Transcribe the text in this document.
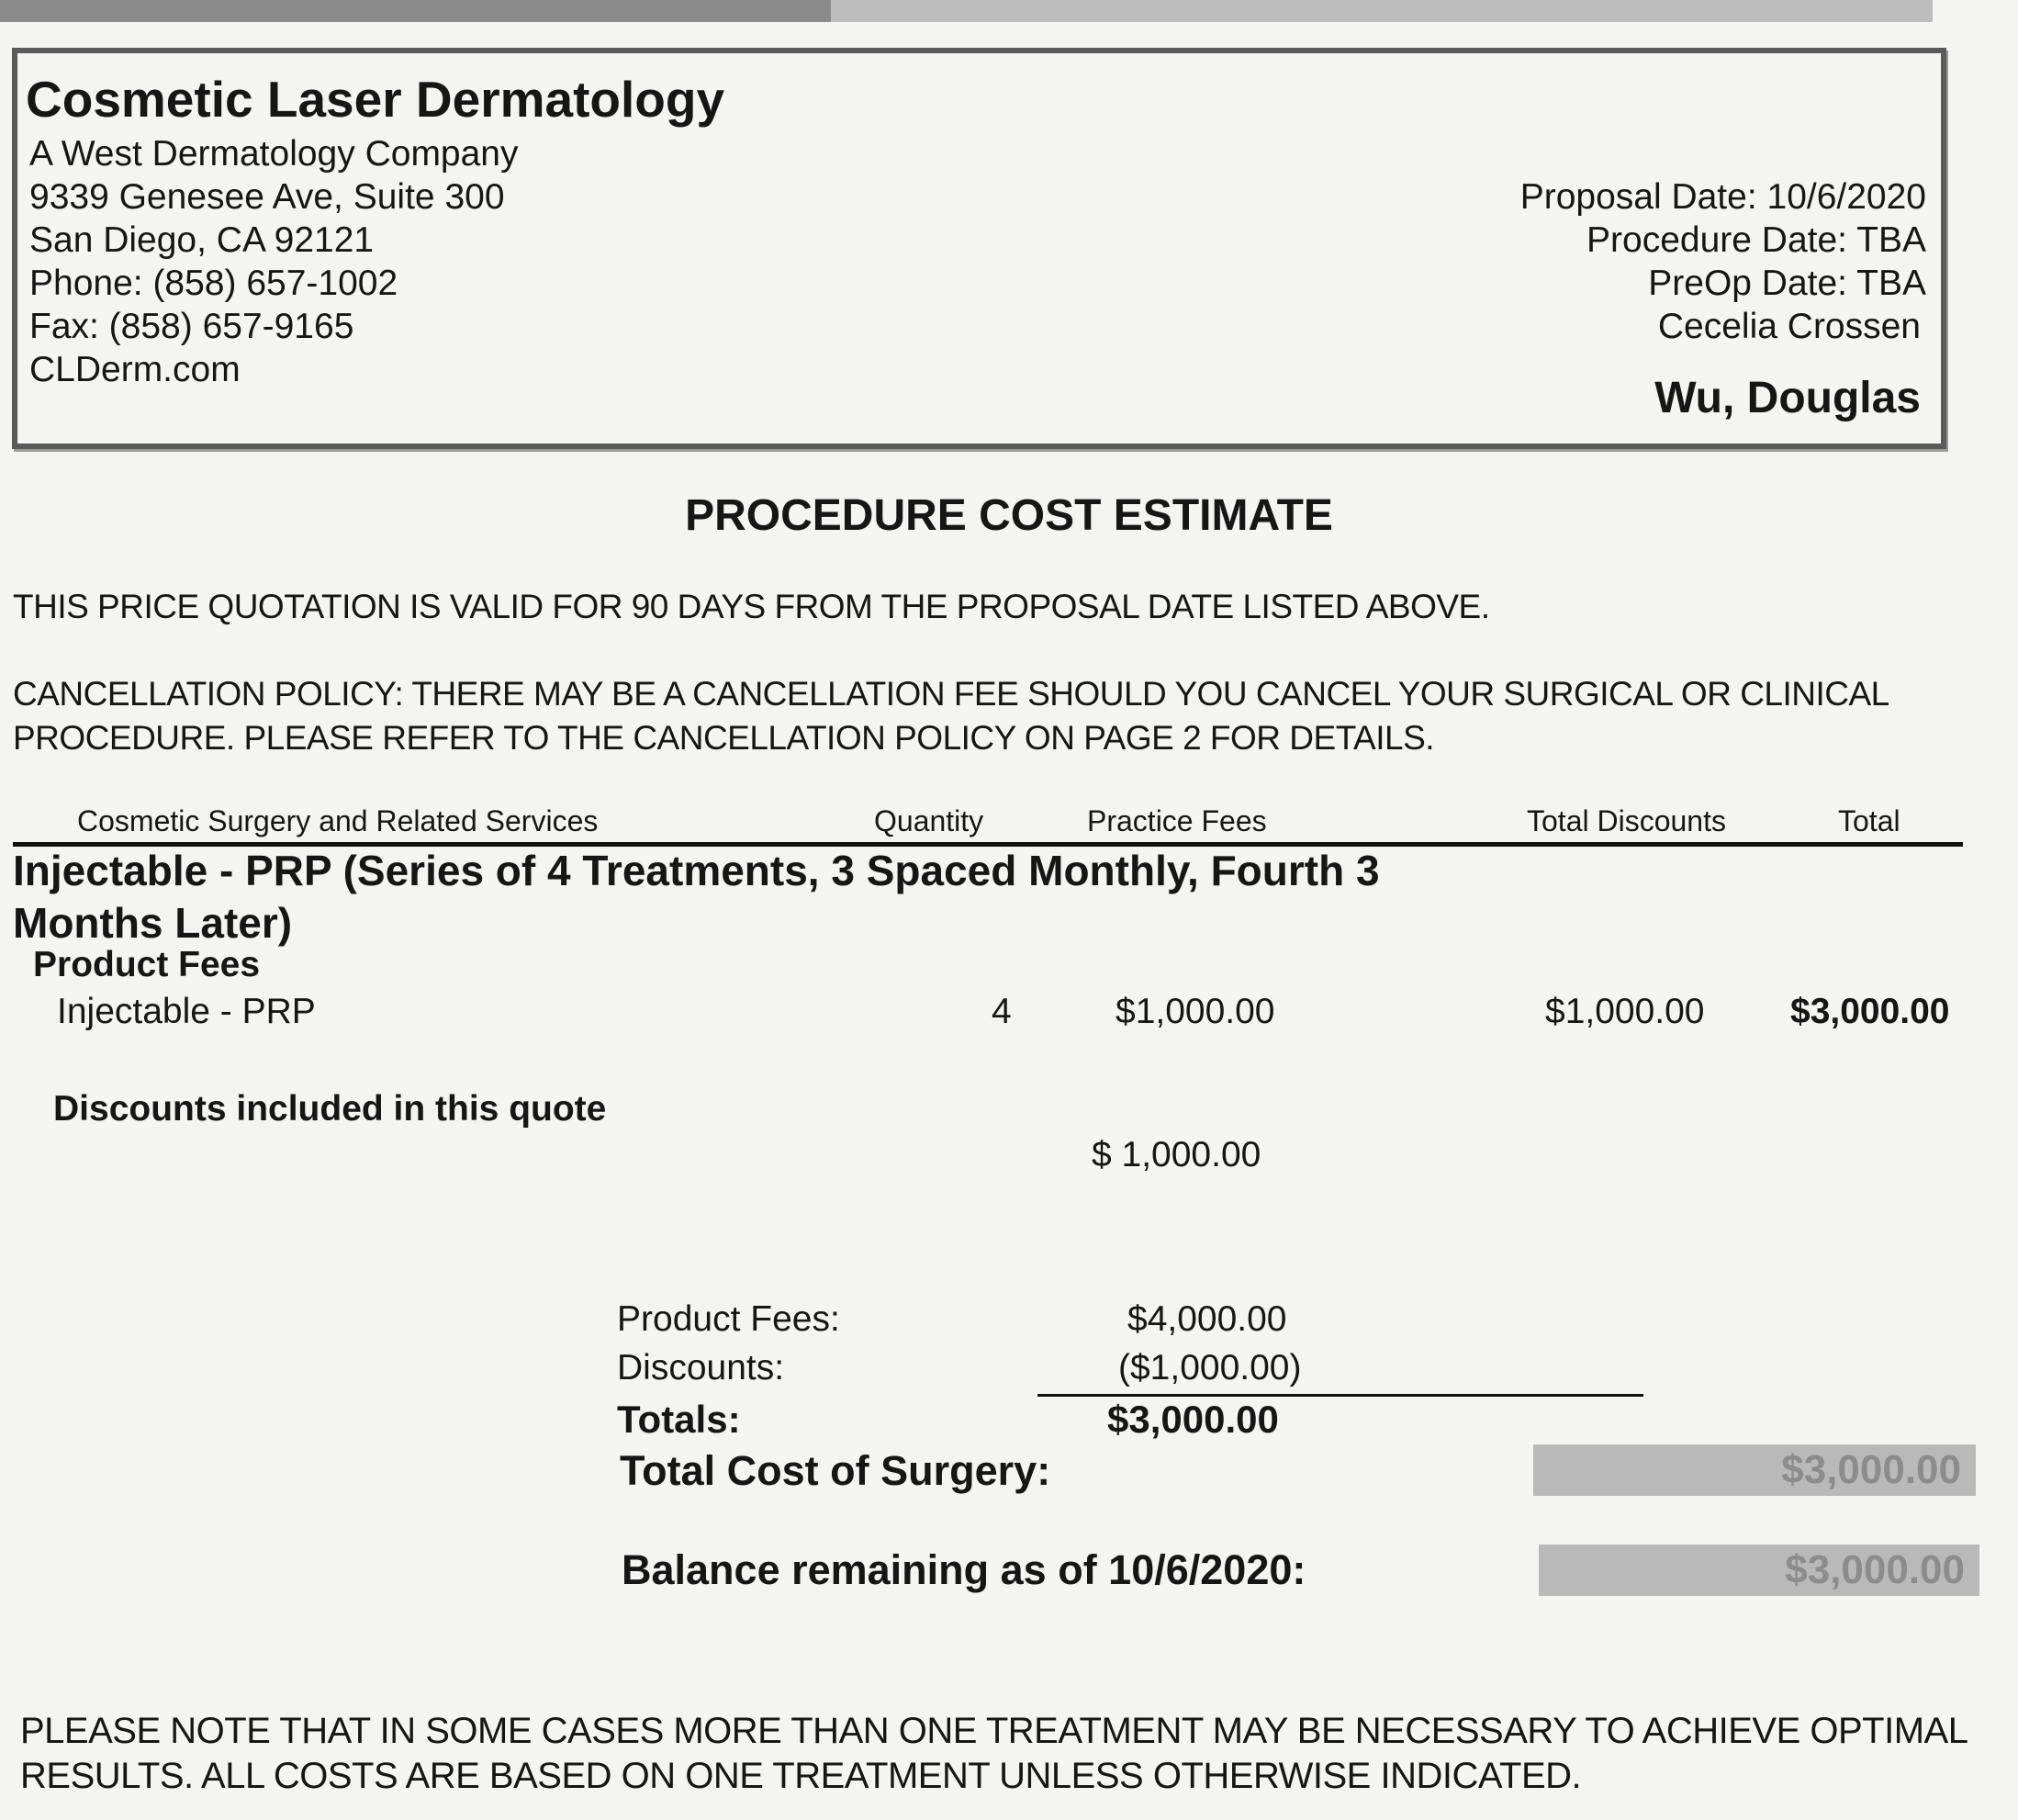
Cosmetic Laser Dermatology
A West Dermatology Company
9339 Genesee Ave, Suite 300
San Diego, CA 92121
Phone: (858) 657-1002
Fax: (858) 657-9165
CLDerm.com
Proposal Date: 10/6/2020
Procedure Date: TBA
PreOp Date: TBA
Cecelia Crossen
Wu, Douglas
PROCEDURE COST ESTIMATE
THIS PRICE QUOTATION IS VALID FOR 90 DAYS FROM THE PROPOSAL DATE LISTED ABOVE.
CANCELLATION POLICY: THERE MAY BE A CANCELLATION FEE SHOULD YOU CANCEL YOUR SURGICAL OR CLINICAL
PROCEDURE. PLEASE REFER TO THE CANCELLATION POLICY ON PAGE 2 FOR DETAILS.
Cosmetic Surgery and Related Services	Quantity	Practice Fees	Total Discounts	Total
Injectable - PRP (Series of 4 Treatments, 3 Spaced Monthly, Fourth 3 Months Later)
Product Fees
Injectable - PRP	4	$1,000.00	$1,000.00 $3,000.00
Discounts included in this quote
$ 1,000.00
Product Fees:	$4,000.00
Discounts:	($1,000.00)
Totals:	$3,000.00
Total Cost of Surgery:	$3,000.00
Balance remaining as of 10/6/2020:	$3,000.00
PLEASE NOTE THAT IN SOME CASES MORE THAN ONE TREATMENT MAY BE NECESSARY TO ACHIEVE OPTIMAL
RESULTS. ALL COSTS ARE BASED ON ONE TREATMENT UNLESS OTHERWISE INDICATED.
